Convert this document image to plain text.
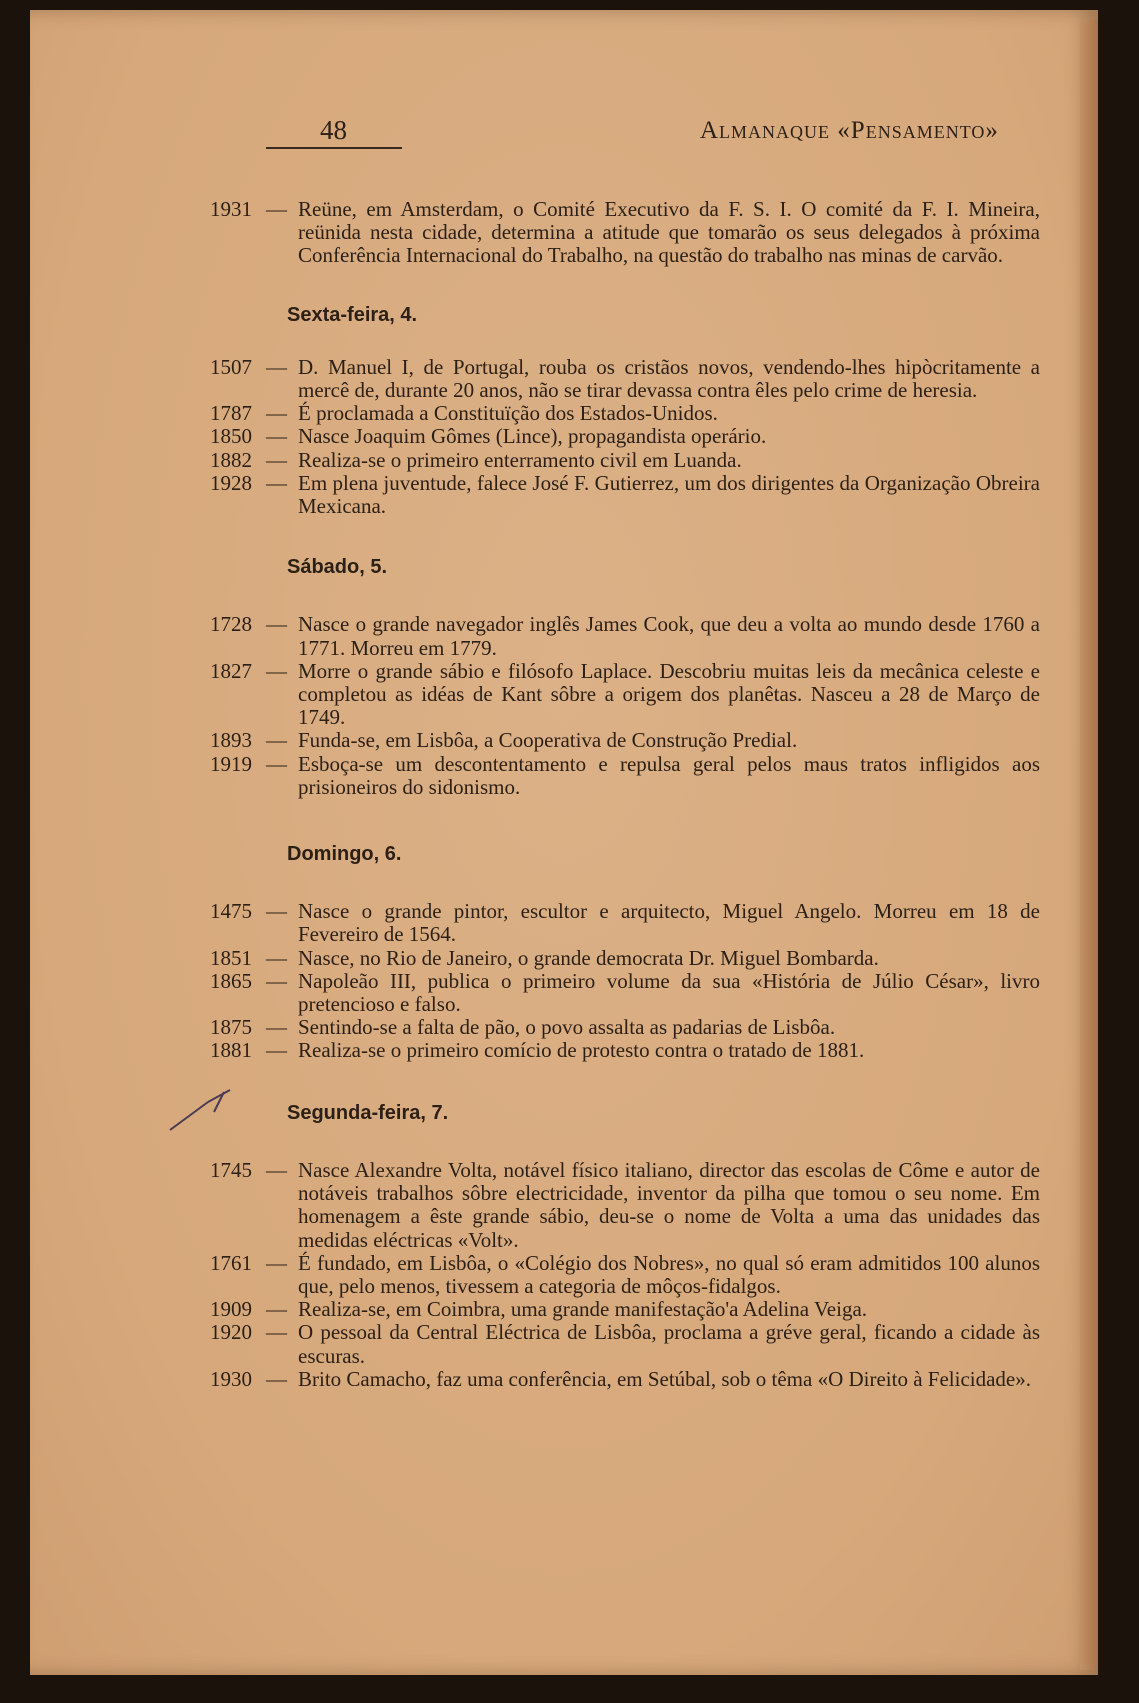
48	Almanaque «Pensamento»
1931 — Reüne, em Amsterdam, o Comité Executivo da F. S. I. O comité da F. I. Mineira, reünida nesta cidade, determina a atitude que tomarão os seus delegados à próxima Conferência Internacional do Trabalho, na questão do trabalho nas minas de carvão.
Sexta-feira, 4.
1507 — D. Manuel I, de Portugal, rouba os cristãos novos, vendendo-lhes hipòcritamente a mercê de, durante 20 anos, não se tirar devassa contra êles pelo crime de heresia.
1787 — É proclamada a Constituïção dos Estados-Unidos.
1850 — Nasce Joaquim Gômes (Lince), propagandista operário.
1882 — Realiza-se o primeiro enterramento civil em Luanda.
1928 — Em plena juventude, falece José F. Gutierrez, um dos dirigentes da Organização Obreira Mexicana.
Sábado, 5.
1728 — Nasce o grande navegador inglês James Cook, que deu a volta ao mundo desde 1760 a 1771. Morreu em 1779.
1827 — Morre o grande sábio e filósofo Laplace. Descobriu muitas leis da mecânica celeste e completou as idéas de Kant sôbre a origem dos planêtas. Nasceu a 28 de Março de 1749.
1893 — Funda-se, em Lisbôa, a Cooperativa de Construção Predial.
1919 — Esboça-se um descontentamento e repulsa geral pelos maus tratos infligidos aos prisioneiros do sidonismo.
Domingo, 6.
1475 — Nasce o grande pintor, escultor e arquitecto, Miguel Angelo. Morreu em 18 de Fevereiro de 1564.
1851 — Nasce, no Rio de Janeiro, o grande democrata Dr. Miguel Bombarda.
1865 — Napoleão III, publica o primeiro volume da sua «História de Júlio César», livro pretencioso e falso.
1875 — Sentindo-se a falta de pão, o povo assalta as padarias de Lisbôa.
1881 — Realiza-se o primeiro comício de protesto contra o tratado de 1881.
Segunda-feira, 7.
1745 — Nasce Alexandre Volta, notável físico italiano, director das escolas de Côme e autor de notáveis trabalhos sôbre electricidade, inventor da pilha que tomou o seu nome. Em homenagem a êste grande sábio, deu-se o nome de Volta a uma das unidades das medidas eléctricas «Volt».
1761 — É fundado, em Lisbôa, o «Colégio dos Nobres», no qual só eram admitidos 100 alunos que, pelo menos, tivessem a categoria de môços-fidalgos.
1909 — Realiza-se, em Coimbra, uma grande manifestação'a Adelina Veiga.
1920 — O pessoal da Central Eléctrica de Lisbôa, proclama a gréve geral, ficando a cidade às escuras.
1930 — Brito Camacho, faz uma conferência, em Setúbal, sob o têma «O Direito à Felicidade».
